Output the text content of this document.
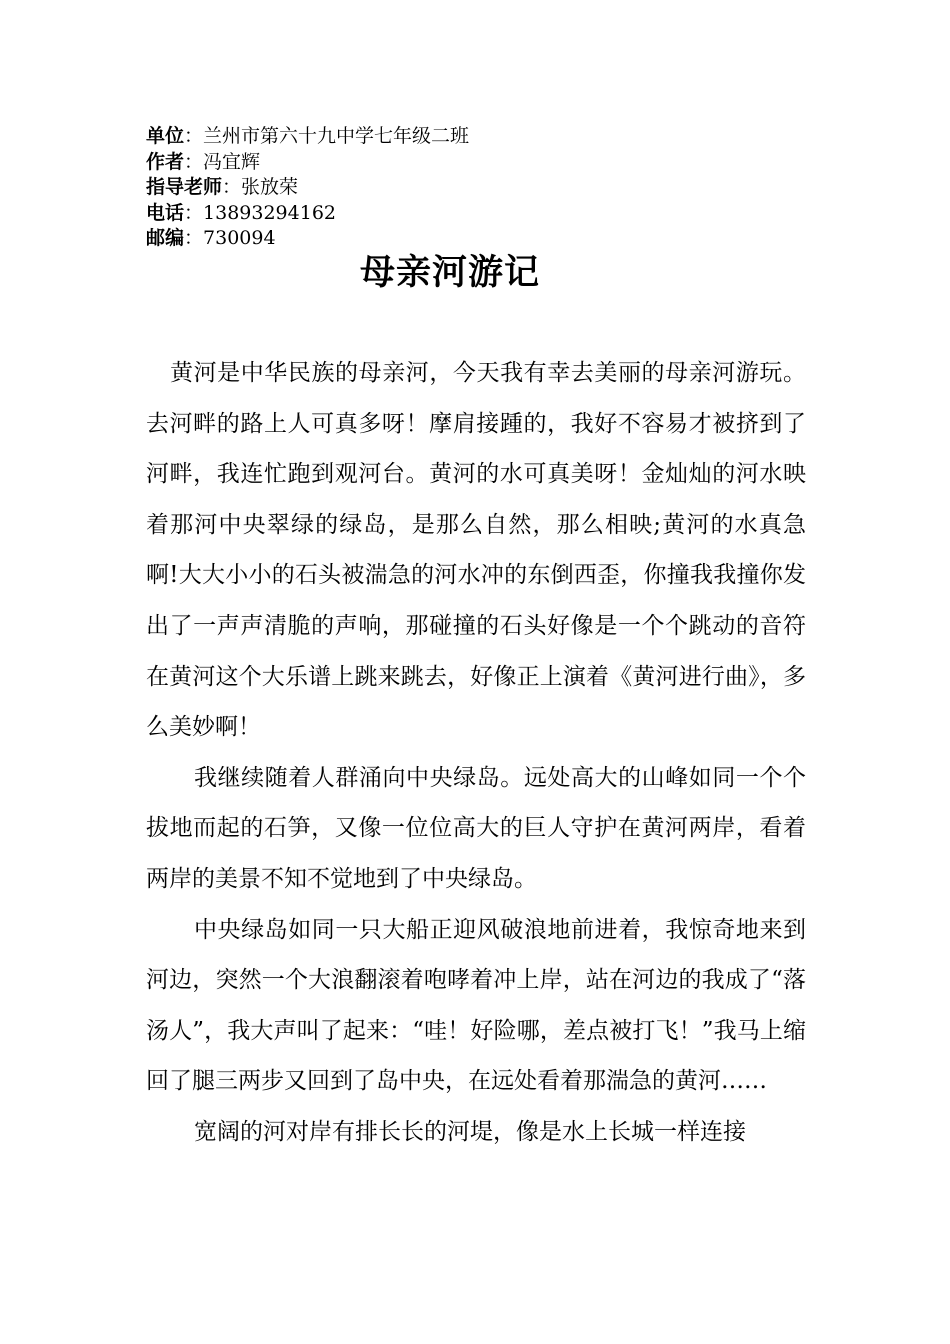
单位：兰州市第六十九中学七年级二班
作者：冯宜辉
指导老师：张放荣
电话：13893294162
邮编：730094
母亲河游记

黄河是中华民族的母亲河，今天我有幸去美丽的母亲河游玩。去河畔的路上人可真多呀！摩肩接踵的，我好不容易才被挤到了河畔，我连忙跑到观河台。黄河的水可真美呀！金灿灿的河水映着那河中央翠绿的绿岛，是那么自然，那么相映;黄河的水真急啊!大大小小的石头被湍急的河水冲的东倒西歪，你撞我我撞你发出了一声声清脆的声响，那碰撞的石头好像是一个个跳动的音符在黄河这个大乐谱上跳来跳去，好像正上演着《黄河进行曲》，多么美妙啊！

我继续随着人群涌向中央绿岛。远处高大的山峰如同一个个拔地而起的石笋，又像一位位高大的巨人守护在黄河两岸，看着两岸的美景不知不觉地到了中央绿岛。

中央绿岛如同一只大船正迎风破浪地前进着，我惊奇地来到河边，突然一个大浪翻滚着咆哮着冲上岸，站在河边的我成了“落汤人”，我大声叫了起来：“哇！好险哪，差点被打飞！”我马上缩回了腿三两步又回到了岛中央，在远处看着那湍急的黄河……

宽阔的河对岸有排长长的河堤，像是水上长城一样连接
